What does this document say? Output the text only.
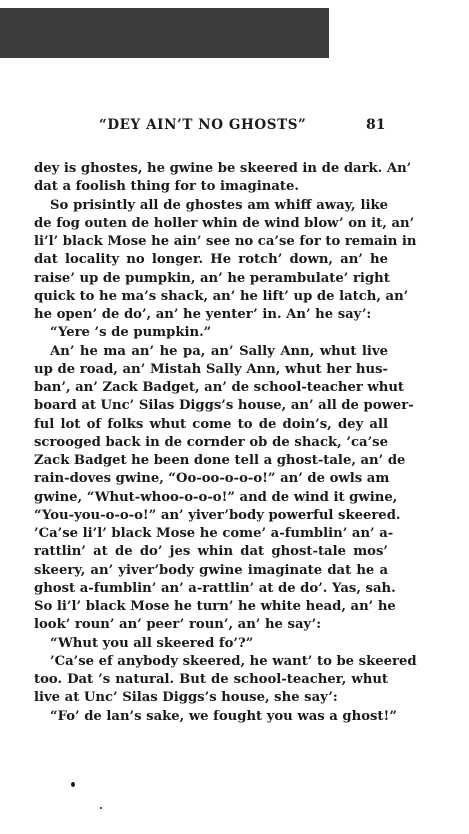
“DEY AIN’T NO GHOSTS”	81
dey is ghostes, he gwine be skeered in de dark. An’
dat a foolish thing for to imaginate.
So prisintly all de ghostes am whiff away, like
de fog outen de holler whin de wind blow’ on it, an’
li’l’ black Mose he ain’ see no ca’se for to remain in
dat locality no longer. He rotch’ down, an’ he
raise’ up de pumpkin, an’ he perambulate’ right
quick to he ma’s shack, an’ he lift’ up de latch, an’
he open’ de do’, an’ he yenter’ in. An’ he say’:
“Yere ’s de pumpkin.”
An’ he ma an’ he pa, an’ Sally Ann, whut live
up de road, an’ Mistah Sally Ann, whut her hus-
ban’, an’ Zack Badget, an’ de school-teacher whut
board at Unc’ Silas Diggs’s house, an’ all de power-
ful lot of folks whut come to de doin’s, dey all
scrooged back in de cornder ob de shack, ’ca’se
Zack Badget he been done tell a ghost-tale, an’ de
rain-doves gwine, “Oo-oo-o-o-o!” an’ de owls am
gwine, “Whut-whoo-o-o-o!” and de wind it gwine,
“You-you-o-o-o!” an’ yiver’body powerful skeered.
’Ca’se li’l’ black Mose he come’ a-fumblin’ an’ a-
rattlin’ at de do’ jes whin dat ghost-tale mos’
skeery, an’ yiver’body gwine imaginate dat he a
ghost a-fumblin’ an’ a-rattlin’ at de do’. Yas, sah.
So li’l’ black Mose he turn’ he white head, an’ he
look’ roun’ an’ peer’ roun’, an’ he say’:
“Whut you all skeered fo’?”
’Ca’se ef anybody skeered, he want’ to be skeered
too. Dat ’s natural. But de school-teacher, whut
live at Unc’ Silas Diggs’s house, she say’:
“Fo’ de lan’s sake, we fought you was a ghost!”
